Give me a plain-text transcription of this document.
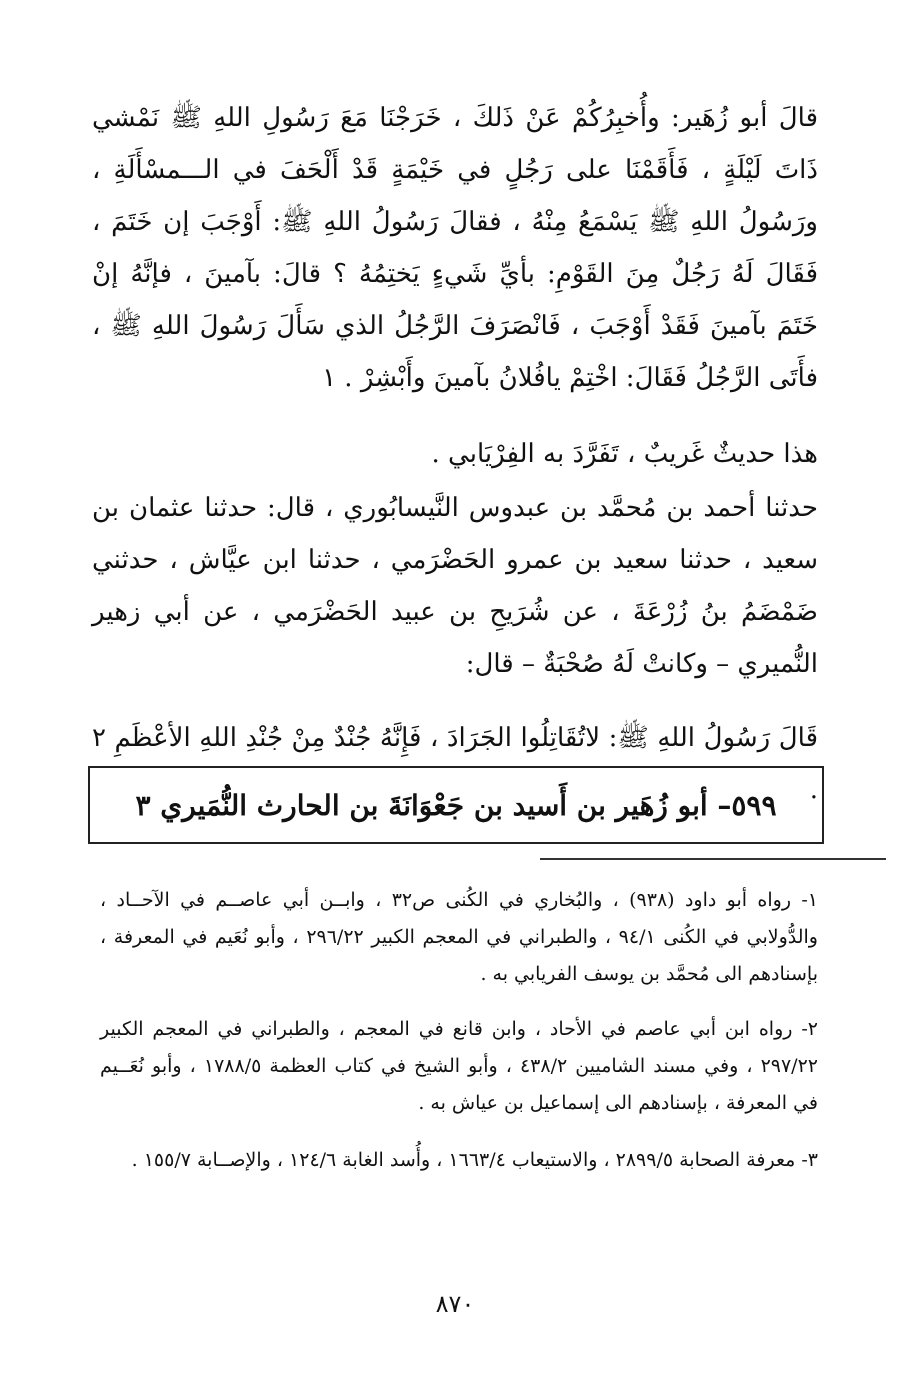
قالَ أبو زُهَير: وأُخبِرُكُمْ عَنْ ذَلكَ ، خَرَجْنَا مَعَ رَسُولِ اللهِ ﷺ نَمْشي ذَاتَ لَيْلَةٍ ، فَأَقَمْنَا على رَجُلٍ في خَيْمَةٍ قَدْ أَلْحَفَ في الـــمسْأَلَةِ ، ورَسُولُ اللهِ ﷺ يَسْمَعُ مِنْهُ ، فقالَ رَسُولُ اللهِ ﷺ: أَوْجَبَ إن خَتَمَ ، فَقَالَ لَهُ رَجُلٌ مِنَ القَوْمِ: بأيِّ شَيءٍ يَختِمُهُ ؟ قالَ: بآمينَ ، فإنَّهُ إنْ خَتَمَ بآمينَ فَقَدْ أَوْجَبَ ، فَانْصَرَفَ الرَّجُلُ الذي سَأَلَ رَسُولَ اللهِ ﷺ ، فأَتَى الرَّجُلُ فَقَالَ: اخْتِمْ يافُلانُ بآمينَ وأَبْشِرْ . ١

هذا حديثٌ غَريبٌ ، تَفَرَّدَ به الفِرْيَابي .

حدثنا أحمد بن مُحمَّد بن عبدوس النَّيسابُوري ، قال: حدثنا عثمان بن سعيد ، حدثنا سعيد بن عمرو الحَضْرَمي ، حدثنا ابن عيَّاش ، حدثني ضَمْضَمُ بنُ زُرْعَةَ ، عن شُرَيحِ بن عبيد الحَضْرَمي ، عن أبي زهير النُّميري – وكانتْ لَهُ صُحْبَةٌ – قال:

قَالَ رَسُولُ اللهِ ﷺ: لاتُقَاتِلُوا الجَرَادَ ، فَإِنَّهُ جُنْدٌ مِنْ جُنْدِ اللهِ الأعْظَمِ ٢ .

٥٩٩– أبو زُهَير بن أَسيد بن جَعْوَانَةَ بن الحارث النُّمَيري ٣

١- رواه أبو داود (٩٣٨) ، والبُخاري في الكُنى ص٣٢ ، وابــن أبي عاصــم في الآحــاد ، والدُّولابي في الكُنى ٩٤/١ ، والطبراني في المعجم الكبير ٢٩٦/٢٢ ، وأبو نُعَيم في المعرفة ، بإسنادهم الى مُحمَّد بن يوسف الفريابي به .

٢- رواه ابن أبي عاصم في الأحاد ، وابن قانع في المعجم ، والطبراني في المعجم الكبير ٢٩٧/٢٢ ، وفي مسند الشاميين ٤٣٨/٢ ، وأبو الشيخ في كتاب العظمة ١٧٨٨/٥ ، وأبو نُعَــيم في المعرفة ، بإسنادهم الى إسماعيل بن عياش به .

٣- معرفة الصحابة ٢٨٩٩/٥ ، والاستيعاب ١٦٦٣/٤ ، وأُسد الغابة ١٢٤/٦ ، والإصــابة ١٥٥/٧ .

٨٧٠
